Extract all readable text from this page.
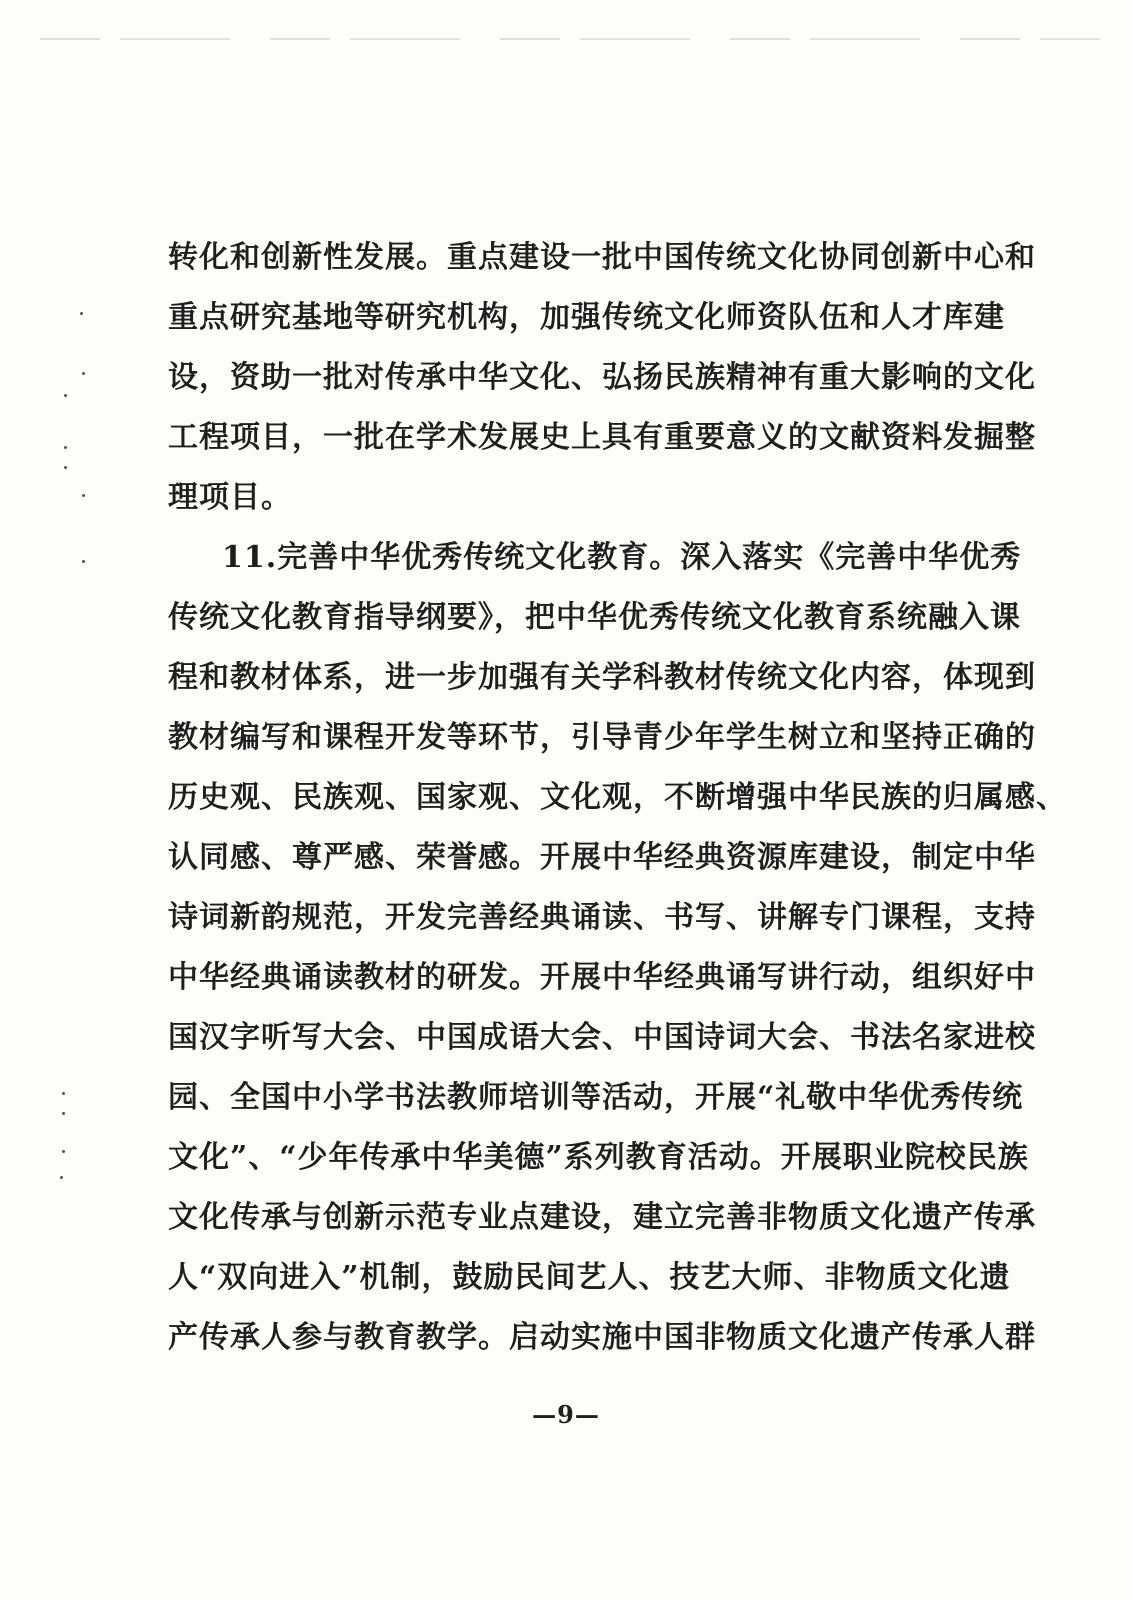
转化和创新性发展。重点建设一批中国传统文化协同创新中心和
重点研究基地等研究机构，加强传统文化师资队伍和人才库建
设，资助一批对传承中华文化、弘扬民族精神有重大影响的文化
工程项目，一批在学术发展史上具有重要意义的文献资料发掘整
理项目。
11.完善中华优秀传统文化教育。深入落实《完善中华优秀
传统文化教育指导纲要》，把中华优秀传统文化教育系统融入课
程和教材体系，进一步加强有关学科教材传统文化内容，体现到
教材编写和课程开发等环节，引导青少年学生树立和坚持正确的
历史观、民族观、国家观、文化观，不断增强中华民族的归属感、
认同感、尊严感、荣誉感。开展中华经典资源库建设，制定中华
诗词新韵规范，开发完善经典诵读、书写、讲解专门课程，支持
中华经典诵读教材的研发。开展中华经典诵写讲行动，组织好中
国汉字听写大会、中国成语大会、中国诗词大会、书法名家进校
园、全国中小学书法教师培训等活动，开展“礼敬中华优秀传统
文化”、“少年传承中华美德”系列教育活动。开展职业院校民族
文化传承与创新示范专业点建设，建立完善非物质文化遗产传承
人“双向进入”机制，鼓励民间艺人、技艺大师、非物质文化遗
产传承人参与教育教学。启动实施中国非物质文化遗产传承人群
—9—
